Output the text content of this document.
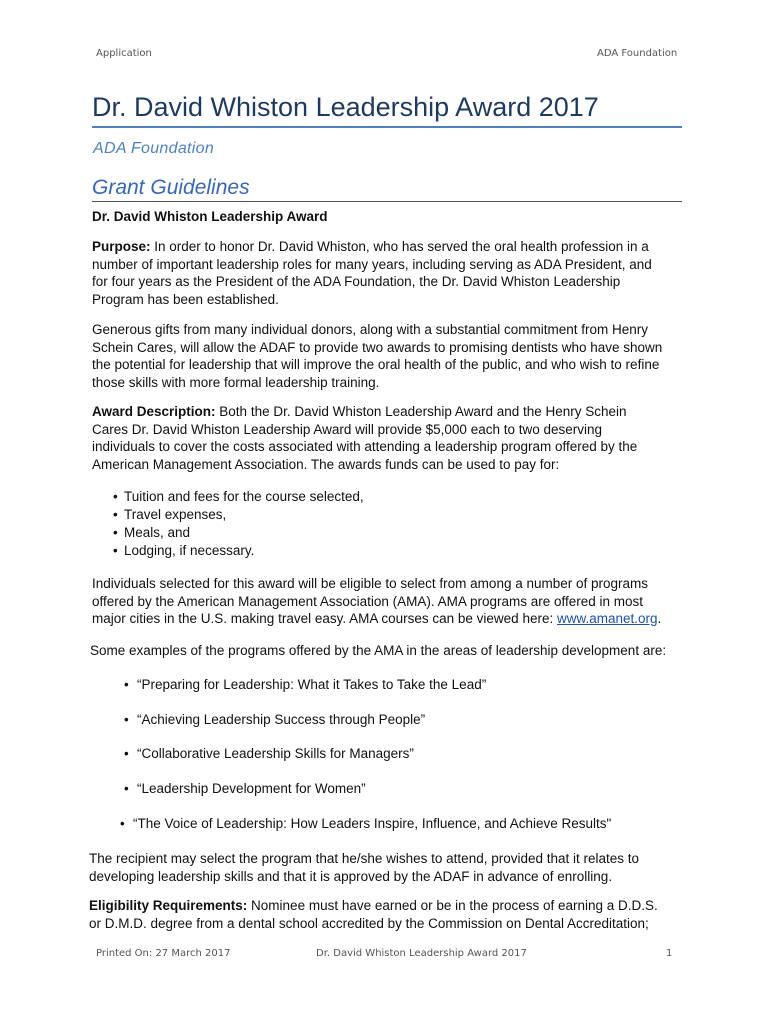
Application	ADA Foundation
Dr. David Whiston Leadership Award 2017
ADA Foundation
Grant Guidelines
Dr. David Whiston Leadership Award
Purpose: In order to honor Dr. David Whiston, who has served the oral health profession in a
number of important leadership roles for many years, including serving as ADA President, and
for four years as the President of the ADA Foundation, the Dr. David Whiston Leadership
Program has been established.
Generous gifts from many individual donors, along with a substantial commitment from Henry
Schein Cares, will allow the ADAF to provide two awards to promising dentists who have shown
the potential for leadership that will improve the oral health of the public, and who wish to refine
those skills with more formal leadership training.
Award Description: Both the Dr. David Whiston Leadership Award and the Henry Schein
Cares Dr. David Whiston Leadership Award will provide $5,000 each to two deserving
individuals to cover the costs associated with attending a leadership program offered by the
American Management Association. The awards funds can be used to pay for:
• Tuition and fees for the course selected,
• Travel expenses,
• Meals, and
• Lodging, if necessary.
Individuals selected for this award will be eligible to select from among a number of programs
offered by the American Management Association (AMA). AMA programs are offered in most
major cities in the U.S. making travel easy. AMA courses can be viewed here: www.amanet.org.
Some examples of the programs offered by the AMA in the areas of leadership development are:
• “Preparing for Leadership: What it Takes to Take the Lead”
• “Achieving Leadership Success through People”
• “Collaborative Leadership Skills for Managers”
• “Leadership Development for Women”
• “The Voice of Leadership: How Leaders Inspire, Influence, and Achieve Results"
The recipient may select the program that he/she wishes to attend, provided that it relates to
developing leadership skills and that it is approved by the ADAF in advance of enrolling.
Eligibility Requirements: Nominee must have earned or be in the process of earning a D.D.S.
or D.M.D. degree from a dental school accredited by the Commission on Dental Accreditation;
Printed On: 27 March 2017	Dr. David Whiston Leadership Award 2017	1
